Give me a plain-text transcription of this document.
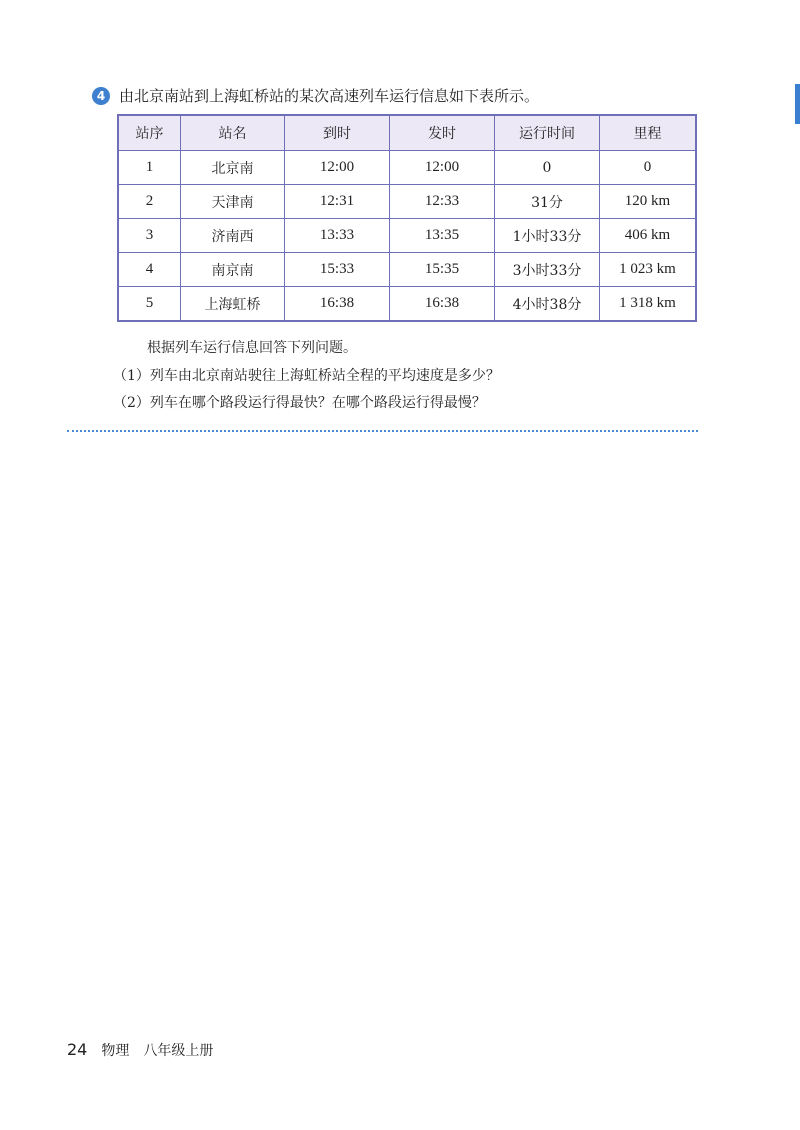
4 由北京南站到上海虹桥站的某次高速列车运行信息如下表所示。
站序	站名	到时	发时	运行时间	里程
1	北京南	12:00	12:00	0	0
2	天津南	12:31	12:33	31分	120 km
3	济南西	13:33	13:35	1小时33分	406 km
4	南京南	15:33	15:35	3小时33分	1 023 km
5	上海虹桥	16:38	16:38	4小时38分	1 318 km
根据列车运行信息回答下列问题。
（1）列车由北京南站驶往上海虹桥站全程的平均速度是多少？
（2）列车在哪个路段运行得最快？在哪个路段运行得最慢？
24 物理 八年级上册
